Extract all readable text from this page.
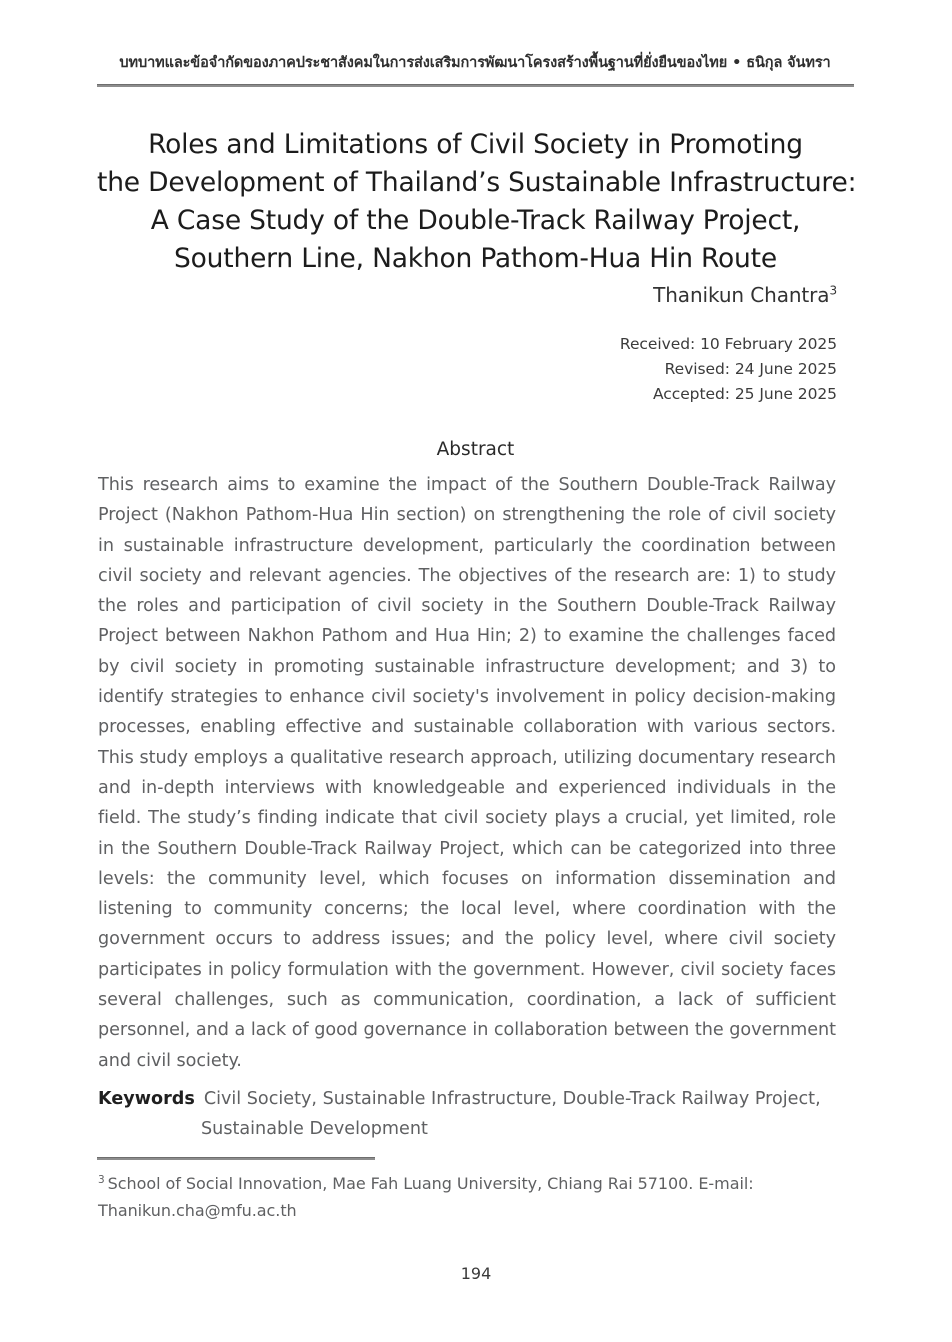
บทบาทและข้อจำกัดของภาคประชาสังคมในการส่งเสริมการพัฒนาโครงสร้างพื้นฐานที่ยั่งยืนของไทย • ธนิกุล จันทรา
Roles and Limitations of Civil Society in Promoting
the Development of Thailand’s Sustainable Infrastructure:
A Case Study of the Double-Track Railway Project,
Southern Line, Nakhon Pathom-Hua Hin Route
Thanikun Chantra$^3$
Received: 10 February 2025
Revised: 24 June 2025
Accepted: 25 June 2025
Abstract

This research aims to examine the impact of the Southern Double-Track Railway Project (Nakhon Pathom-Hua Hin section) on strengthening the role of civil society in sustainable infrastructure development, particularly the coordination between civil society and relevant agencies. The objectives of the research are: 1) to study the roles and participation of civil society in the Southern Double-Track Railway Project between Nakhon Pathom and Hua Hin; 2) to examine the challenges faced by civil society in promoting sustainable infrastructure development; and 3) to identify strategies to enhance civil society's involvement in policy decision-making processes, enabling effective and sustainable collaboration with various sectors. This study employs a qualitative research approach, utilizing documentary research and in-depth interviews with knowledgeable and experienced individuals in the field. The study’s finding indicate that civil society plays a crucial, yet limited, role in the Southern Double-Track Railway Project, which can be categorized into three levels: the community level, which focuses on information dissemination and listening to community concerns; the local level, where coordination with the government occurs to address issues; and the policy level, where civil society participates in policy formulation with the government. However, civil society faces several challenges, such as communication, coordination, a lack of sufficient personnel, and a lack of good governance in collaboration between the government and civil society.

Keywords Civil Society, Sustainable Infrastructure, Double-Track Railway Project,
Sustainable Development
$^3$ School of Social Innovation, Mae Fah Luang University, Chiang Rai 57100. E-mail:
Thanikun.cha@mfu.ac.th
194
